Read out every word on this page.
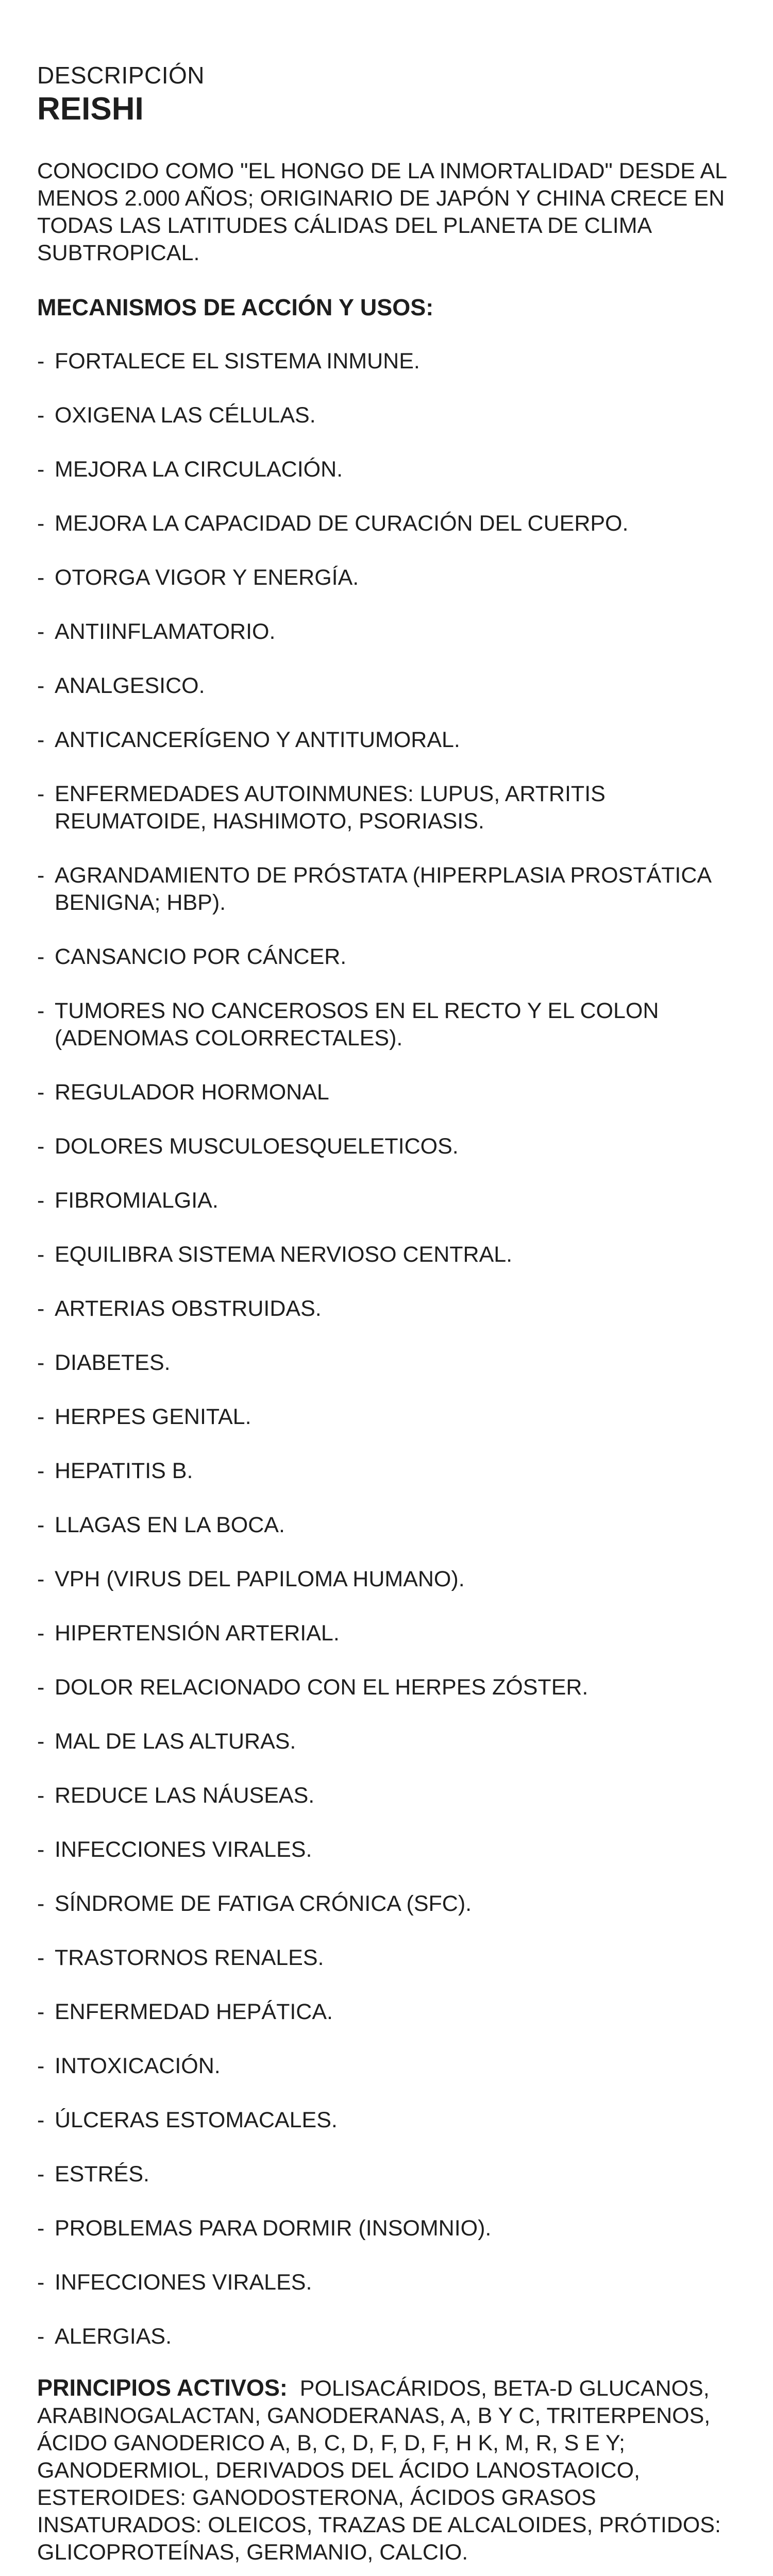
DESCRIPCIÓN

REISHI

CONOCIDO COMO "EL HONGO DE LA INMORTALIDAD" DESDE AL MENOS 2.000 AÑOS; ORIGINARIO DE JAPÓN Y CHINA CRECE EN TODAS LAS LATITUDES CÁLIDAS DEL PLANETA DE CLIMA SUBTROPICAL.

MECANISMOS DE ACCIÓN Y USOS:
- FORTALECE EL SISTEMA INMUNE.
- OXIGENA LAS CÉLULAS.
- MEJORA LA CIRCULACIÓN.
- MEJORA LA CAPACIDAD DE CURACIÓN DEL CUERPO.
- OTORGA VIGOR Y ENERGÍA.
- ANTIINFLAMATORIO.
- ANALGESICO.
- ANTICANCERÍGENO Y ANTITUMORAL.
- ENFERMEDADES AUTOINMUNES: LUPUS, ARTRITIS REUMATOIDE, HASHIMOTO, PSORIASIS.
- AGRANDAMIENTO DE PRÓSTATA (HIPERPLASIA PROSTÁTICA BENIGNA; HBP).
- CANSANCIO POR CÁNCER.
- TUMORES NO CANCEROSOS EN EL RECTO Y EL COLON (ADENOMAS COLORRECTALES).
- REGULADOR HORMONAL
- DOLORES MUSCULOESQUELETICOS.
- FIBROMIALGIA.
- EQUILIBRA SISTEMA NERVIOSO CENTRAL.
- ARTERIAS OBSTRUIDAS.
- DIABETES.
- HERPES GENITAL.
- HEPATITIS B.
- LLAGAS EN LA BOCA.
- VPH (VIRUS DEL PAPILOMA HUMANO).
- HIPERTENSIÓN ARTERIAL.
- DOLOR RELACIONADO CON EL HERPES ZÓSTER.
- MAL DE LAS ALTURAS.
- REDUCE LAS NÁUSEAS.
- INFECCIONES VIRALES.
- SÍNDROME DE FATIGA CRÓNICA (SFC).
- TRASTORNOS RENALES.
- ENFERMEDAD HEPÁTICA.
- INTOXICACIÓN.
- ÚLCERAS ESTOMACALES.
- ESTRÉS.
- PROBLEMAS PARA DORMIR (INSOMNIO).
- INFECCIONES VIRALES.
- ALERGIAS.

PRINCIPIOS ACTIVOS: POLISACÁRIDOS, BETA-D GLUCANOS, ARABINOGALACTAN, GANODERANAS, A, B Y C, TRITERPENOS, ÁCIDO GANODERICO A, B, C, D, F, D, F, H K, M, R, S E Y; GANODERMIOL, DERIVADOS DEL ÁCIDO LANOSTAOICO, ESTEROIDES: GANODOSTERONA, ÁCIDOS GRASOS INSATURADOS: OLEICOS, TRAZAS DE ALCALOIDES, PRÓTIDOS: GLICOPROTEÍNAS, GERMANIO, CALCIO.
